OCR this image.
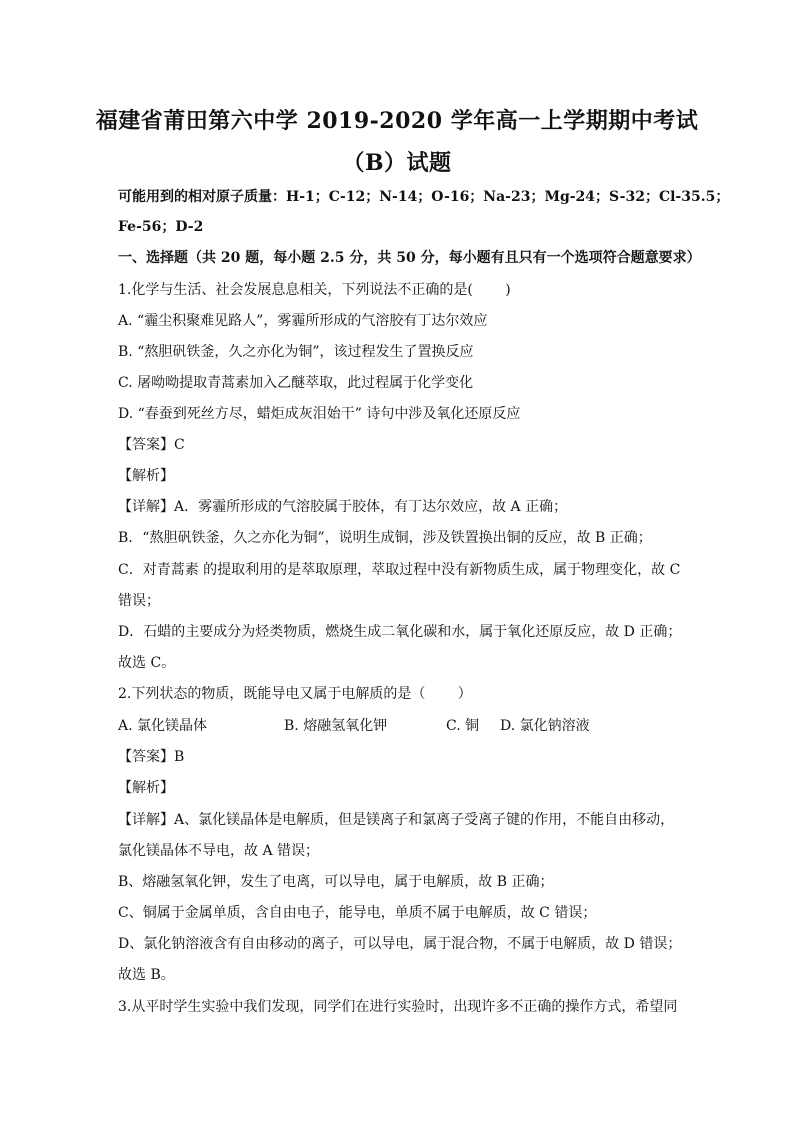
福建省莆田第六中学 2019-2020 学年高一上学期期中考试
（B）试题
可能用到的相对原子质量：H-1；C-12；N-14；O-16；Na-23；Mg-24；S-32；Cl-35.5；
Fe-56；D-2
一、选择题（共 20 题，每小题 2.5 分，共 50 分，每小题有且只有一个选项符合题意要求）
1.化学与生活、社会发展息息相关，下列说法不正确的是(　　 )
A. “霾尘积聚难见路人”，雾霾所形成的气溶胶有丁达尔效应
B. “熬胆矾铁釜，久之亦化为铜”，该过程发生了置换反应
C. 屠呦呦提取青蒿素加入乙醚萃取，此过程属于化学变化
D. “春蚕到死丝方尽，蜡炬成灰泪始干” 诗句中涉及氧化还原反应
【答案】C
【解析】
【详解】A．雾霾所形成的气溶胶属于胶体，有丁达尔效应，故 A 正确；
B．“熬胆矾铁釜，久之亦化为铜”，说明生成铜，涉及铁置换出铜的反应，故 B 正确；
C．对青蒿素 的提取利用的是萃取原理，萃取过程中没有新物质生成，属于物理变化，故 C
错误；
D．石蜡的主要成分为烃类物质，燃烧生成二氧化碳和水，属于氧化还原反应，故 D 正确；
故选 C。
2.下列状态的物质，既能导电又属于电解质的是（　　 ）
A. 氯化镁晶体	B. 熔融氢氧化钾	C. 铜 D. 氯化钠溶液
【答案】B
【解析】
【详解】A、氯化镁晶体是电解质，但是镁离子和氯离子受离子键的作用，不能自由移动，
氯化镁晶体不导电，故 A 错误；
B、熔融氢氧化钾，发生了电离，可以导电，属于电解质，故 B 正确；
C、铜属于金属单质，含自由电子，能导电，单质不属于电解质，故 C 错误；
D、氯化钠溶液含有自由移动的离子，可以导电，属于混合物，不属于电解质，故 D 错误；
故选 B。
3.从平时学生实验中我们发现，同学们在进行实验时，出现许多不正确的操作方式，希望同
